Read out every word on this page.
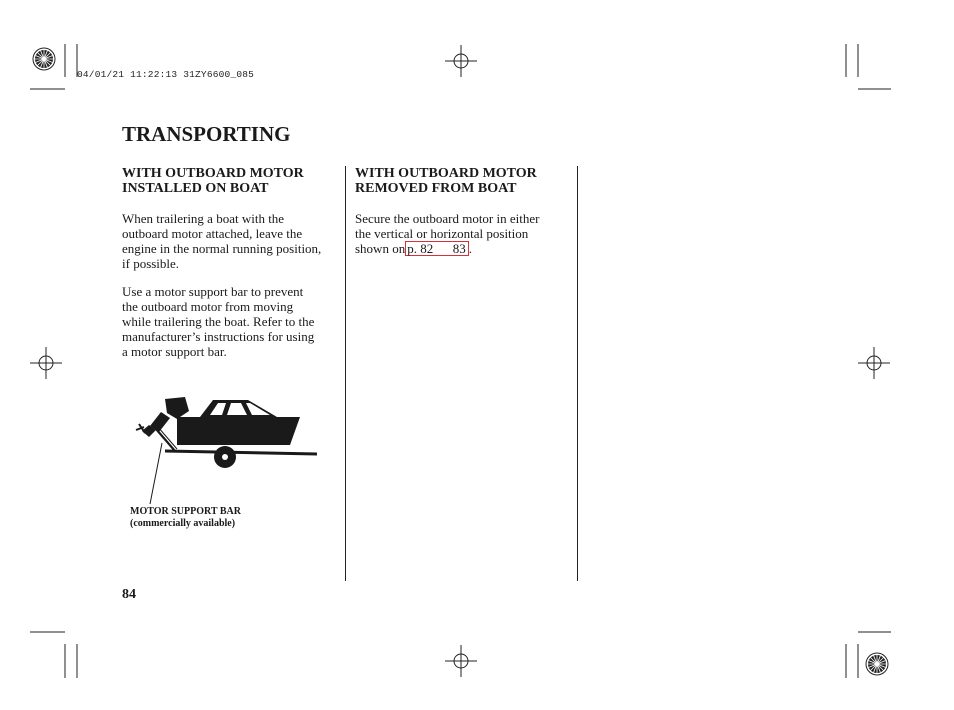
04/01/21 11:22:13 31ZY6600_085
TRANSPORTING
WITH OUTBOARD MOTOR
INSTALLED ON BOAT

When trailering a boat with the
outboard motor attached, leave the
engine in the normal running position,
if possible.

Use a motor support bar to prevent
the outboard motor from moving
while trailering the boat. Refer to the
manufacturer’s instructions for using
a motor support bar.

MOTOR SUPPORT BAR
(commercially available)
WITH OUTBOARD MOTOR
REMOVED FROM BOAT

Secure the outboard motor in either
the vertical or horizontal position
shown on p. 82 83 .

84
